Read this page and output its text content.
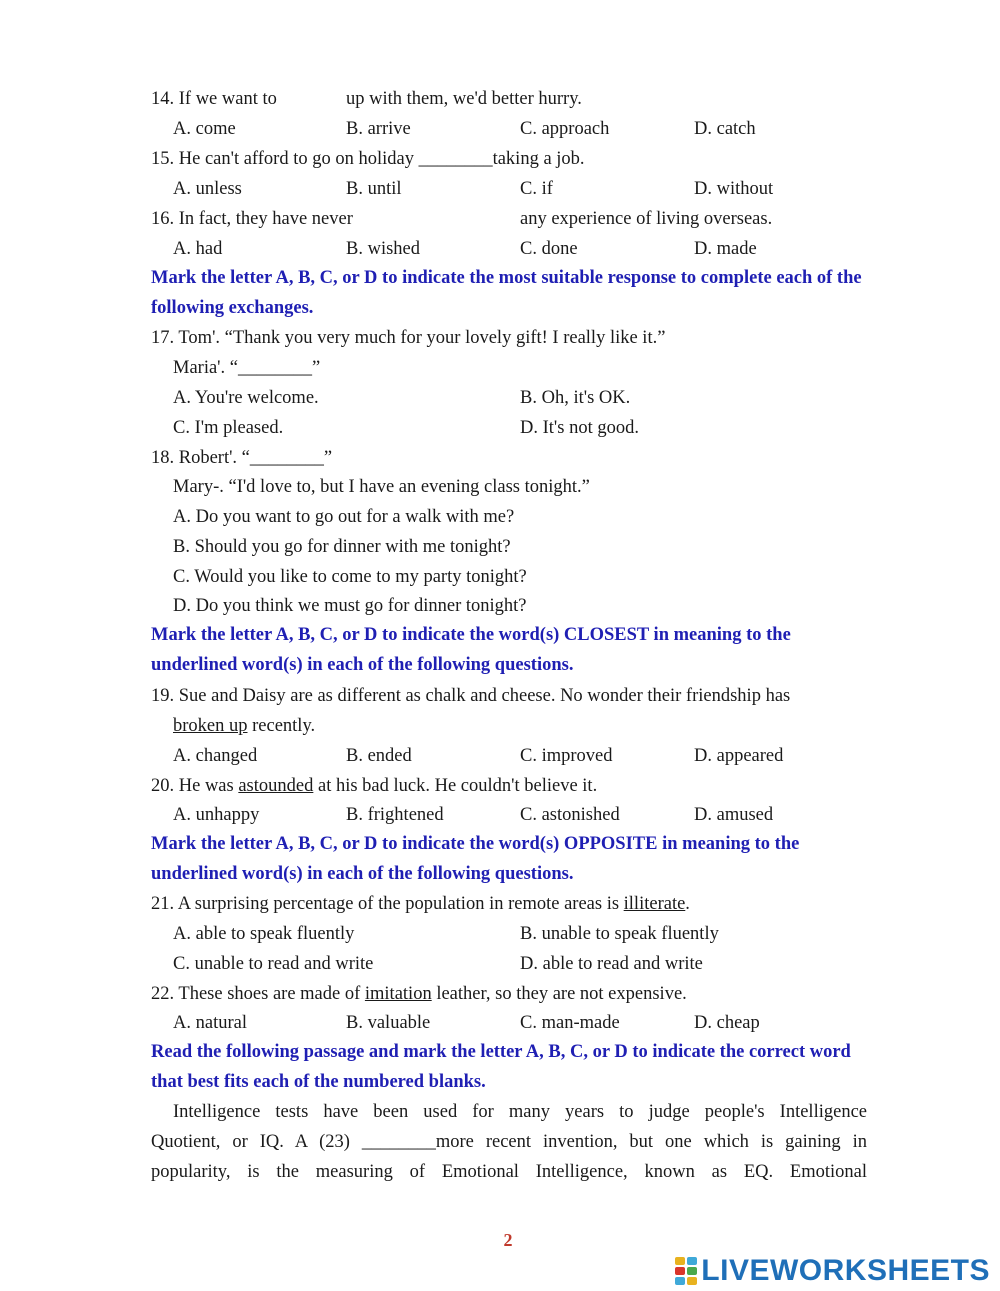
14. If we want to	up with them, we'd better hurry.
A. come	B. arrive	C. approach	D. catch
15. He can't afford to go on holiday ________taking a job.
A. unless	B. until	C. if	D. without
16. In fact, they have never	any experience of living overseas.
A. had	B. wished	C. done	D. made
Mark the letter A, B, C, or D to indicate the most suitable response to complete each of the following exchanges.
17. Tom'. “Thank you very much for your lovely gift! I really like it.”
Maria'. “________”
A. You're welcome.	B. Oh, it's OK.
C. I'm pleased.	D. It's not good.
18. Robert'. “________”
Mary-. “I'd love to, but I have an evening class tonight.”
A. Do you want to go out for a walk with me?
B. Should you go for dinner with me tonight?
C. Would you like to come to my party tonight?
D. Do you think we must go for dinner tonight?
Mark the letter A, B, C, or D to indicate the word(s) CLOSEST in meaning to the underlined word(s) in each of the following questions.
19. Sue and Daisy are as different as chalk and cheese. No wonder their friendship has
broken up recently.
A. changed	B. ended	C. improved	D. appeared
20. He was astounded at his bad luck. He couldn't believe it.
A. unhappy	B. frightened	C. astonished	D. amused
Mark the letter A, B, C, or D to indicate the word(s) OPPOSITE in meaning to the underlined word(s) in each of the following questions.
21. A surprising percentage of the population in remote areas is illiterate.
A. able to speak fluently	B. unable to speak fluently
C. unable to read and write	D. able to read and write
22. These shoes are made of imitation leather, so they are not expensive.
A. natural	B. valuable	C. man-made	D. cheap
Read the following passage and mark the letter A, B, C, or D to indicate the correct word that best fits each of the numbered blanks.
Intelligence tests have been used for many years to judge people's Intelligence
Quotient, or IQ. A (23) ________more recent invention, but one which is gaining in
popularity, is the measuring of Emotional Intelligence, known as EQ. Emotional
2
LIVEWORKSHEETS
